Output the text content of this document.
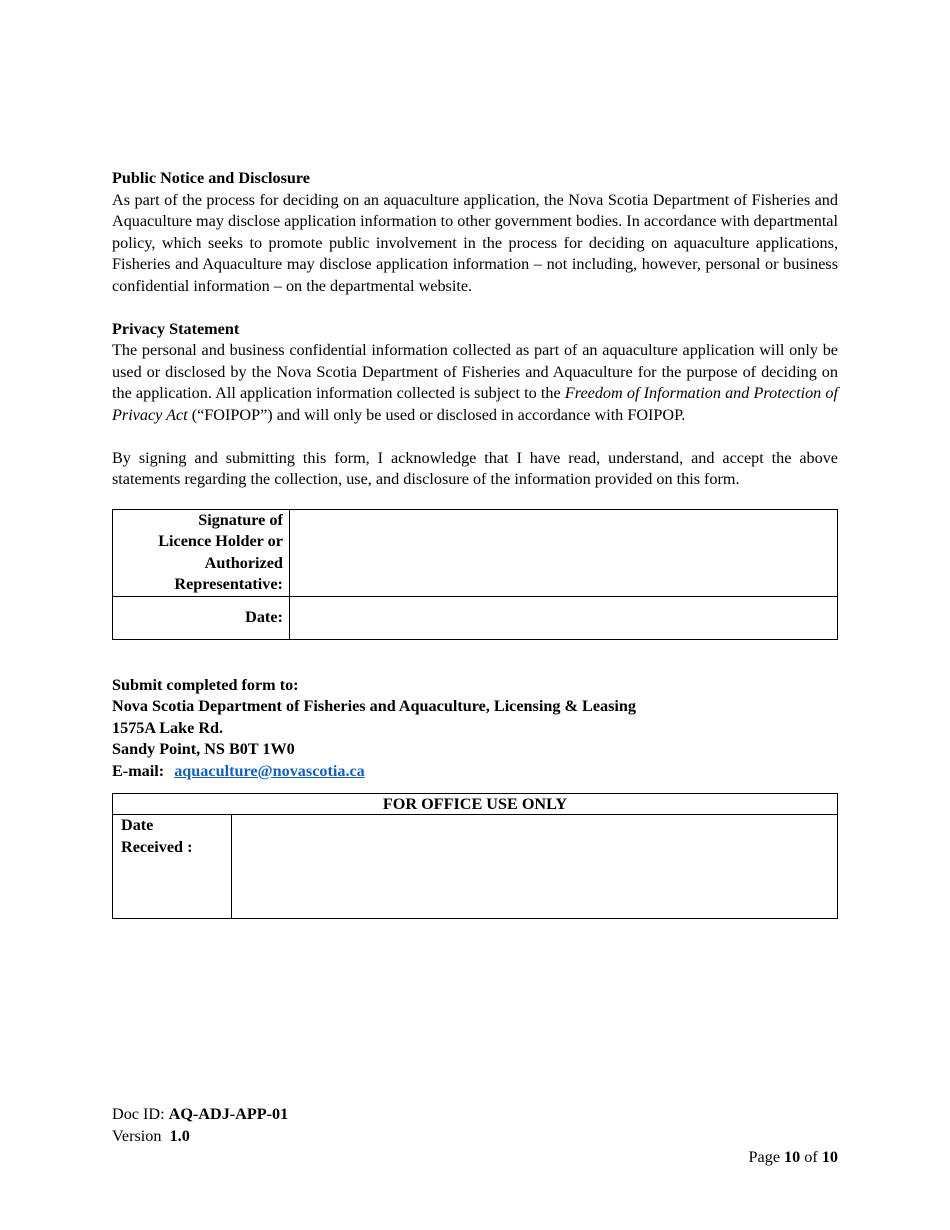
Public Notice and Disclosure

As part of the process for deciding on an aquaculture application, the Nova Scotia Department of Fisheries and Aquaculture may disclose application information to other government bodies. In accordance with departmental policy, which seeks to promote public involvement in the process for deciding on aquaculture applications, Fisheries and Aquaculture may disclose application information – not including, however, personal or business confidential information – on the departmental website.

Privacy Statement

The personal and business confidential information collected as part of an aquaculture application will only be used or disclosed by the Nova Scotia Department of Fisheries and Aquaculture for the purpose of deciding on the application. All application information collected is subject to the Freedom of Information and Protection of Privacy Act (“FOIPOP”) and will only be used or disclosed in accordance with FOIPOP.

By signing and submitting this form, I acknowledge that I have read, understand, and accept the above statements regarding the collection, use, and disclosure of the information provided on this form.

Signature of
Licence Holder or
Authorized
Representative:	

Date:	
Submit completed form to:
Nova Scotia Department of Fisheries and Aquaculture, Licensing & Leasing
1575A Lake Rd.
Sandy Point, NS B0T 1W0
E-mail: aquaculture@novascotia.ca
FOR OFFICE USE ONLY

Date
Received :

Doc ID: AQ-ADJ-APP-01
Version 1.0
Page 10 of 10
